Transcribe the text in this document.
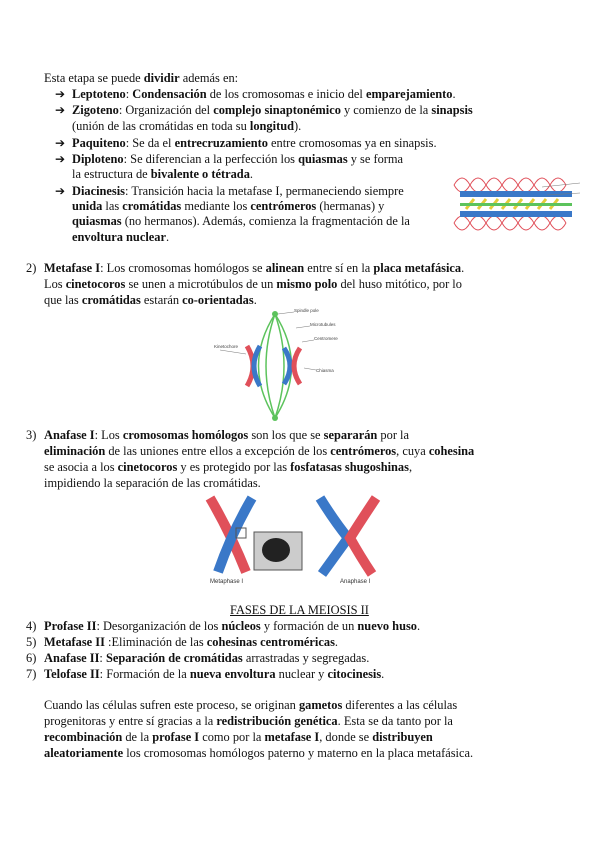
Esta etapa se puede dividir además en:
➔ Leptoteno: Condensación de los cromosomas e inicio del emparejamiento.
➔ Zigoteno: Organización del complejo sinaptonémico y comienzo de la sinapsis
(unión de las cromátidas en toda su longitud).
➔ Paquiteno: Se da el entrecruzamiento entre cromosomas ya en sinapsis.
➔ Diploteno: Se diferencian a la perfección los quiasmas y se forma
la estructura de bivalente o tétrada.
➔ Diacinesis: Transición hacia la metafase I, permaneciendo siempre
unida las cromátidas mediante los centrómeros (hermanas) y
quiasmas (no hermanos). Además, comienza la fragmentación de la
envoltura nuclear.
2) Metafase I: Los cromosomas homólogos se alinean entre sí en la placa metafásica.
Los cinetocoros se unen a microtúbulos de un mismo polo del huso mitótico, por lo
que las cromátidas estarán co-orientadas.
Spindle pole
Microtubules
Centromere
Chiasma
Kinetochore
3) Anafase I: Los cromosomas homólogos son los que se separarán por la
eliminación de las uniones entre ellos a excepción de los centrómeros, cuya cohesina
se asocia a los cinetocoros y es protegido por las fosfatasas shugoshinas,
impidiendo la separación de las cromátidas.
Metaphase I	Anaphase I
FASES DE LA MEIOSIS II
4) Profase II: Desorganización de los núcleos y formación de un nuevo huso.
5) Metafase II :Eliminación de las cohesinas centroméricas.
6) Anafase II: Separación de cromátidas arrastradas y segregadas.
7) Telofase II: Formación de la nueva envoltura nuclear y citocinesis.
Cuando las células sufren este proceso, se originan gametos diferentes a las células
progenitoras y entre sí gracias a la redistribución genética. Esta se da tanto por la
recombinación de la profase I como por la metafase I, donde se distribuyen
aleatoriamente los cromosomas homólogos paterno y materno en la placa metafásica.
